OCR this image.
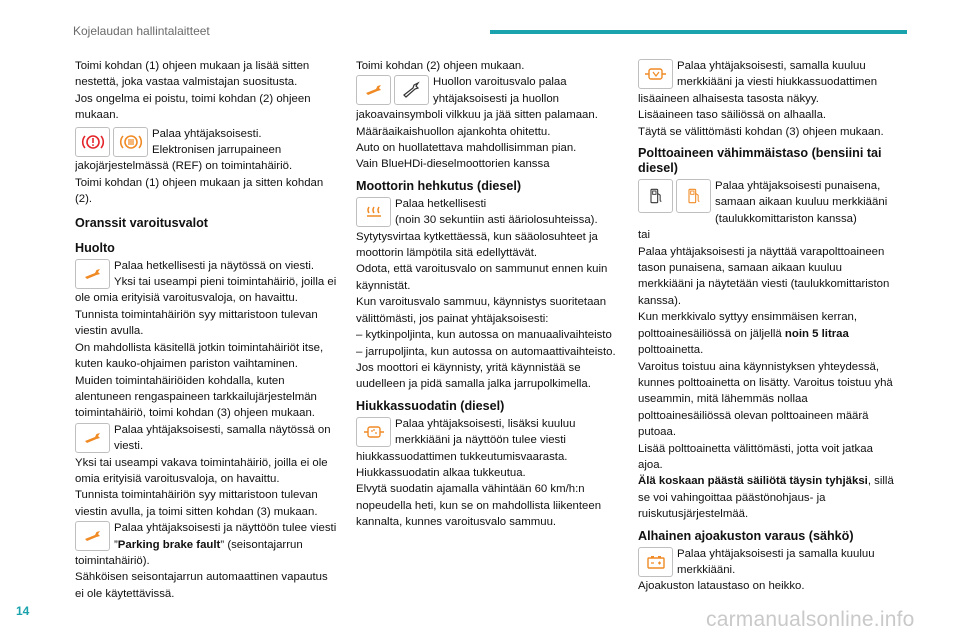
Kojelaudan hallintalaitteet
Toimi kohdan (1) ohjeen mukaan ja lisää sitten nestettä, joka vastaa valmistajan suositusta.
Jos ongelma ei poistu, toimi kohdan (2) ohjeen mukaan.
Palaa yhtäjaksoisesti.
Elektronisen jarrupaineen jakojärjestelmässä (REF) on toimintahäiriö.
Toimi kohdan (1) ohjeen mukaan ja sitten kohdan (2).
Oranssit varoitusvalot
Huolto
Palaa hetkellisesti ja näytössä on viesti.
Yksi tai useampi pieni toimintahäiriö, joilla ei ole omia erityisiä varoitusvaloja, on havaittu.
Tunnista toimintahäiriön syy mittaristoon tulevan viestin avulla.
On mahdollista käsitellä jotkin toimintahäiriöt itse, kuten kauko-ohjaimen pariston vaihtaminen.
Muiden toimintahäiriöiden kohdalla, kuten alentuneen rengaspaineen tarkkailujärjestelmän toimintahäiriö, toimi kohdan (3) ohjeen mukaan.
Palaa yhtäjaksoisesti, samalla näytössä on viesti.
Yksi tai useampi vakava toimintahäiriö, joilla ei ole omia erityisiä varoitusvaloja, on havaittu.
Tunnista toimintahäiriön syy mittaristoon tulevan viestin avulla, ja toimi sitten kohdan (3) mukaan.
Palaa yhtäjaksoisesti ja näyttöön tulee viesti ”Parking brake fault” (seisontajarrun toimintahäiriö).
Sähköisen seisontajarrun automaattinen vapautus ei ole käytettävissä.
Toimi kohdan (2) ohjeen mukaan.
Huollon varoitusvalo palaa yhtäjaksoisesti ja huollon jakoavainsymboli vilkkuu ja jää sitten palamaan.
Määräaikaishuollon ajankohta ohitettu.
Auto on huollatettava mahdollisimman pian.
Vain BlueHDi-dieselmoottorien kanssa
Moottorin hehkutus (diesel)
Palaa hetkellisesti
(noin 30 sekuntiin asti ääriolosuhteissa).
Sytytysvirtaa kytkettäessä, kun sääolosuhteet ja moottorin lämpötila sitä edellyttävät.
Odota, että varoitusvalo on sammunut ennen kuin käynnistät.
Kun varoitusvalo sammuu, käynnistys suoritetaan välittömästi, jos painat yhtäjaksoisesti:
– kytkinpoljinta, kun autossa on manuaalivaihteisto
– jarrupoljinta, kun autossa on automaattivaihteisto.
Jos moottori ei käynnisty, yritä käynnistää se uudelleen ja pidä samalla jalka jarrupolkimella.
Hiukkassuodatin (diesel)
Palaa yhtäjaksoisesti, lisäksi kuuluu merkkiääni ja näyttöön tulee viesti hiukkassuodattimen tukkeutumisvaarasta.
Hiukkassuodatin alkaa tukkeutua.
Elvytä suodatin ajamalla vähintään 60 km/h:n nopeudella heti, kun se on mahdollista liikenteen kannalta, kunnes varoitusvalo sammuu.
Palaa yhtäjaksoisesti, samalla kuuluu merkkiääni ja viesti hiukkassuodattimen lisäaineen alhaisesta tasosta näkyy.
Lisäaineen taso säiliössä on alhaalla.
Täytä se välittömästi kohdan (3) ohjeen mukaan.
Polttoaineen vähimmäistaso (bensiini tai diesel)
Palaa yhtäjaksoisesti punaisena, samaan aikaan kuuluu merkkiääni (taulukkomittariston kanssa)
tai
Palaa yhtäjaksoisesti ja näyttää varapolttoaineen tason punaisena, samaan aikaan kuuluu merkkiääni ja näytetään viesti (taulukkomittariston kanssa).
Kun merkkivalo syttyy ensimmäisen kerran, polttoainesäiliössä on jäljellä noin 5 litraa polttoainetta.
Varoitus toistuu aina käynnistyksen yhteydessä, kunnes polttoainetta on lisätty. Varoitus toistuu yhä useammin, mitä lähemmäs nollaa polttoainesäiliössä olevan polttoaineen määrä putoaa.
Lisää polttoainetta välittömästi, jotta voit jatkaa ajoa.
Älä koskaan päästä säiliötä täysin tyhjäksi, sillä se voi vahingoittaa päästönohjaus- ja ruiskutusjärjestelmää.
Alhainen ajoakuston varaus (sähkö)
Palaa yhtäjaksoisesti ja samalla kuuluu merkkiääni.
Ajoakuston lataustaso on heikko.
14	carmanualsonline.info
